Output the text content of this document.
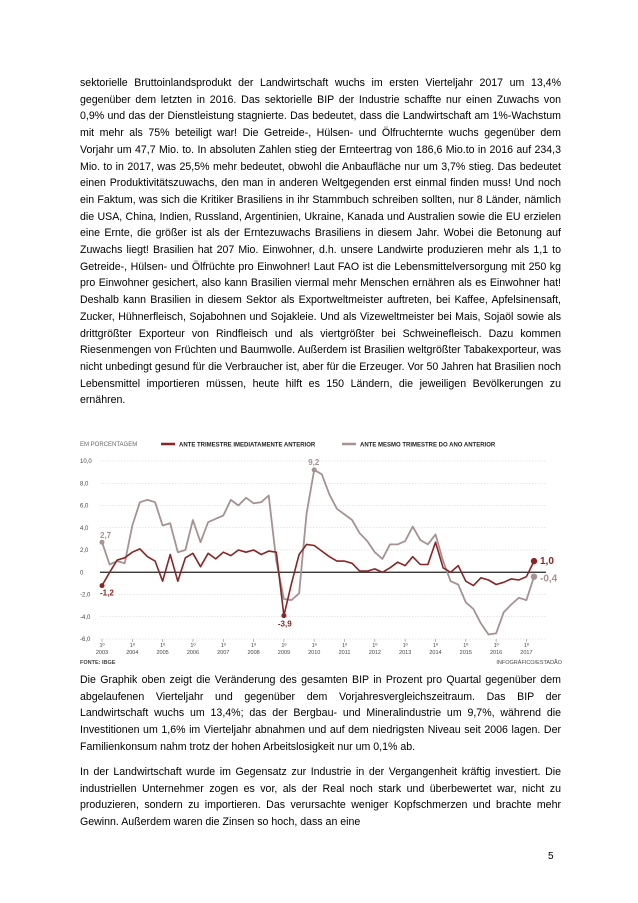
sektorielle Bruttoinlandsprodukt der Landwirtschaft wuchs im ersten Vierteljahr 2017 um 13,4% gegenüber dem letzten in 2016. Das sektorielle BIP der Industrie schaffte nur einen Zuwachs von 0,9% und das der Dienstleistung stagnierte. Das bedeutet, dass die Landwirtschaft am 1%-Wachstum mit mehr als 75% beteiligt war! Die Getreide-, Hülsen- und Ölfruchternte wuchs gegenüber dem Vorjahr um 47,7 Mio. to. In absoluten Zahlen stieg der Ernteertrag von 186,6 Mio.to in 2016 auf 234,3 Mio. to in 2017, was 25,5% mehr bedeutet, obwohl die Anbaufläche nur um 3,7% stieg. Das bedeutet einen Produktivitätszuwachs, den man in anderen Weltgegenden erst einmal finden muss! Und noch ein Faktum, was sich die Kritiker Brasiliens in ihr Stammbuch schreiben sollten, nur 8 Länder, nämlich die USA, China, Indien, Russland, Argentinien, Ukraine, Kanada und Australien sowie die EU erzielen eine Ernte, die größer ist als der Erntezuwachs Brasiliens in diesem Jahr. Wobei die Betonung auf Zuwachs liegt! Brasilien hat 207 Mio. Einwohner, d.h. unsere Landwirte produzieren mehr als 1,1 to Getreide-, Hülsen- und Ölfrüchte pro Einwohner! Laut FAO ist die Lebensmittelversorgung mit 250 kg pro Einwohner gesichert, also kann Brasilien viermal mehr Menschen ernähren als es Einwohner hat! Deshalb kann Brasilien in diesem Sektor als Exportweltmeister auftreten, bei Kaffee, Apfelsinensaft, Zucker, Hühnerfleisch, Sojabohnen und Sojakleie. Und als Vizeweltmeister bei Mais, Sojaöl sowie als drittgrößter Exporteur von Rindfleisch und als viertgrößter bei Schweinefleisch. Dazu kommen Riesenmengen von Früchten und Baumwolle. Außerdem ist Brasilien weltgrößter Tabakexporteur, was nicht unbedingt gesund für die Verbraucher ist, aber für die Erzeuger. Vor 50 Jahren hat Brasilien noch Lebensmittel importieren müssen, heute hilft es 150 Ländern, die jeweiligen Bevölkerungen zu ernähren.

EM PORCENTAGEM	ANTE TRIMESTRE IMEDIATAMENTE ANTERIOR	ANTE MESMO TRIMESTRE DO ANO ANTERIOR
10,0
8,0
6,0
4,0
2,0
0
-2,0
-4,0
-6,0
1º
2003
1º
2004
1º
2005
1º
2006
1º
2007
1º
2008
1º
2009
1º
2010
1º
2011
1º
2012
1º
2013
1º
2014
1º
2015
1º
2016
1º
2017
-1,2
2,7
-3,9
9,2
1,0
-0,4
FONTE: IBGE	INFOGRÁFICO/ESTADÃO

Die Graphik oben zeigt die Veränderung des gesamten BIP in Prozent pro Quartal gegenüber dem abgelaufenen Vierteljahr und gegenüber dem Vorjahresvergleichszeitraum. Das BIP der Landwirtschaft wuchs um 13,4%; das der Bergbau- und Mineralindustrie um 9,7%, während die Investitionen um 1,6% im Vierteljahr abnahmen und auf dem niedrigsten Niveau seit 2006 lagen. Der Familienkonsum nahm trotz der hohen Arbeitslosigkeit nur um 0,1% ab.

In der Landwirtschaft wurde im Gegensatz zur Industrie in der Vergangenheit kräftig investiert. Die industriellen Unternehmer zogen es vor, als der Real noch stark und überbewertet war, nicht zu produzieren, sondern zu importieren. Das verursachte weniger Kopfschmerzen und brachte mehr Gewinn. Außerdem waren die Zinsen so hoch, dass an eine

5
